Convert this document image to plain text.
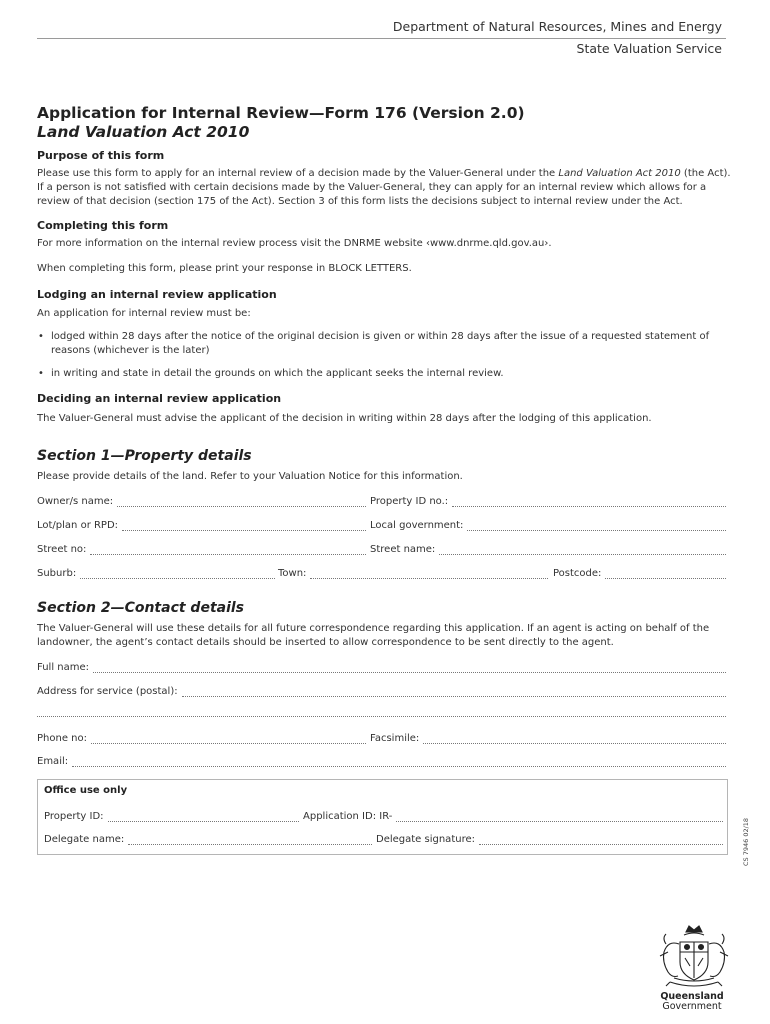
Department of Natural Resources, Mines and Energy
State Valuation Service
Application for Internal Review—Form 176 (Version 2.0)
Land Valuation Act 2010
Purpose of this form
Please use this form to apply for an internal review of a decision made by the Valuer-General under the Land Valuation Act 2010 (the Act).
If a person is not satisfied with certain decisions made by the Valuer-General, they can apply for an internal review which allows for a
review of that decision (section 175 of the Act). Section 3 of this form lists the decisions subject to internal review under the Act.
Completing this form
For more information on the internal review process visit the DNRME website ‹www.dnrme.qld.gov.au›.
When completing this form, please print your response in BLOCK LETTERS.
Lodging an internal review application
An application for internal review must be:
• lodged within 28 days after the notice of the original decision is given or within 28 days after the issue of a requested statement of reasons (whichever is the later)
• in writing and state in detail the grounds on which the applicant seeks the internal review.
Deciding an internal review application
The Valuer-General must advise the applicant of the decision in writing within 28 days after the lodging of this application.
Section 1—Property details
Please provide details of the land. Refer to your Valuation Notice for this information.
Owner/s name:	Property ID no.:
Lot/plan or RPD:	Local government:
Street no:	Street name:
Suburb:	Town:	Postcode:
Section 2—Contact details
The Valuer-General will use these details for all future correspondence regarding this application. If an agent is acting on behalf of the
landowner, the agent’s contact details should be inserted to allow correspondence to be sent directly to the agent.
Full name:
Address for service (postal):
Phone no:	Facsimile:
Email:
Office use only
Property ID:	Application ID: IR-
Delegate name:	Delegate signature:	CS 7946 02/18
Queensland
Government
